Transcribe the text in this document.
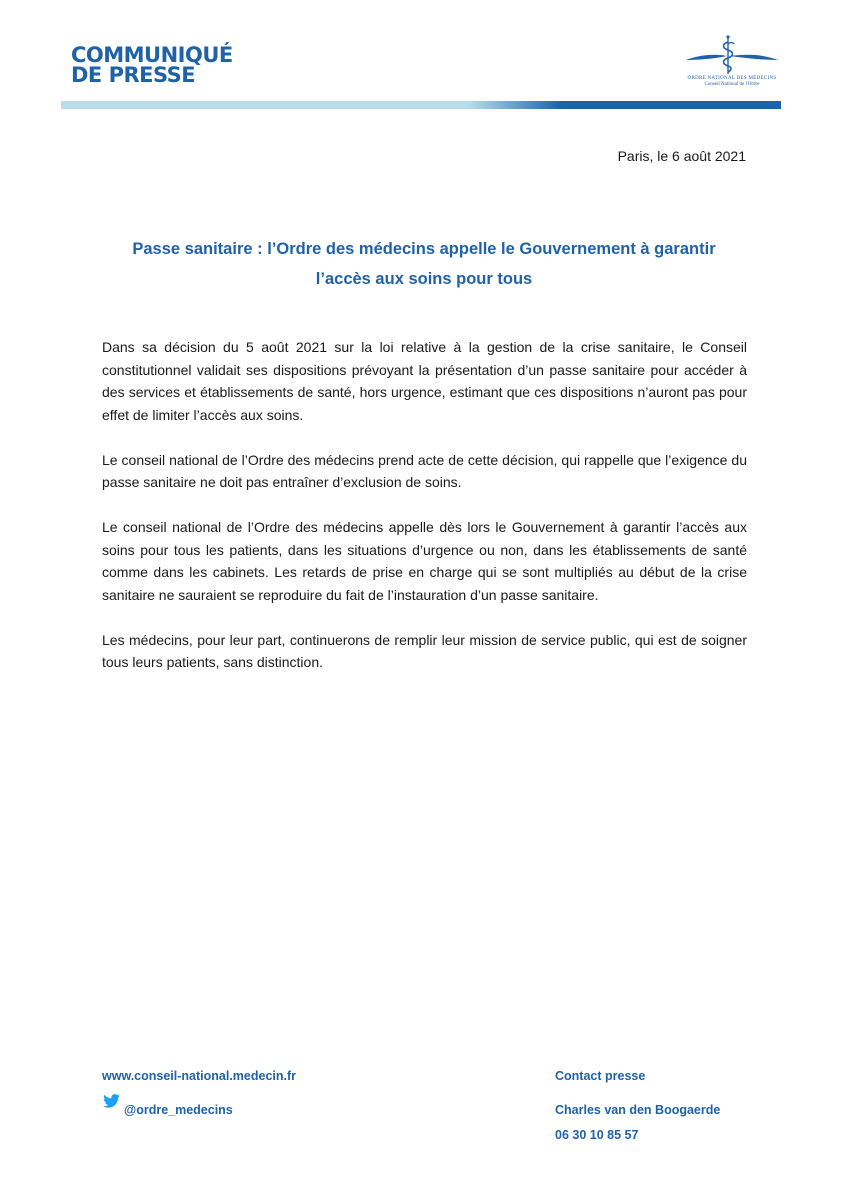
COMMUNIQUÉ
DE PRESSE	ORDRE NATIONAL DES MÉDECINS
Conseil National de l'Ordre
Paris, le 6 août 2021
Passe sanitaire : l’Ordre des médecins appelle le Gouvernement à garantir
l’accès aux soins pour tous

Dans sa décision du 5 août 2021 sur la loi relative à la gestion de la crise sanitaire, le Conseil constitutionnel validait ses dispositions prévoyant la présentation d’un passe sanitaire pour accéder à des services et établissements de santé, hors urgence, estimant que ces dispositions n’auront pas pour effet de limiter l’accès aux soins.

Le conseil national de l’Ordre des médecins prend acte de cette décision, qui rappelle que l’exigence du passe sanitaire ne doit pas entraîner d’exclusion de soins.

Le conseil national de l’Ordre des médecins appelle dès lors le Gouvernement à garantir l’accès aux soins pour tous les patients, dans les situations d’urgence ou non, dans les établissements de santé comme dans les cabinets. Les retards de prise en charge qui se sont multipliés au début de la crise sanitaire ne sauraient se reproduire du fait de l’instauration d’un passe sanitaire.

Les médecins, pour leur part, continuerons de remplir leur mission de service public, qui est de soigner tous leurs patients, sans distinction.

www.conseil-national.medecin.fr
@ordre_medecins
Contact presse
Charles van den Boogaerde
06 30 10 85 57
